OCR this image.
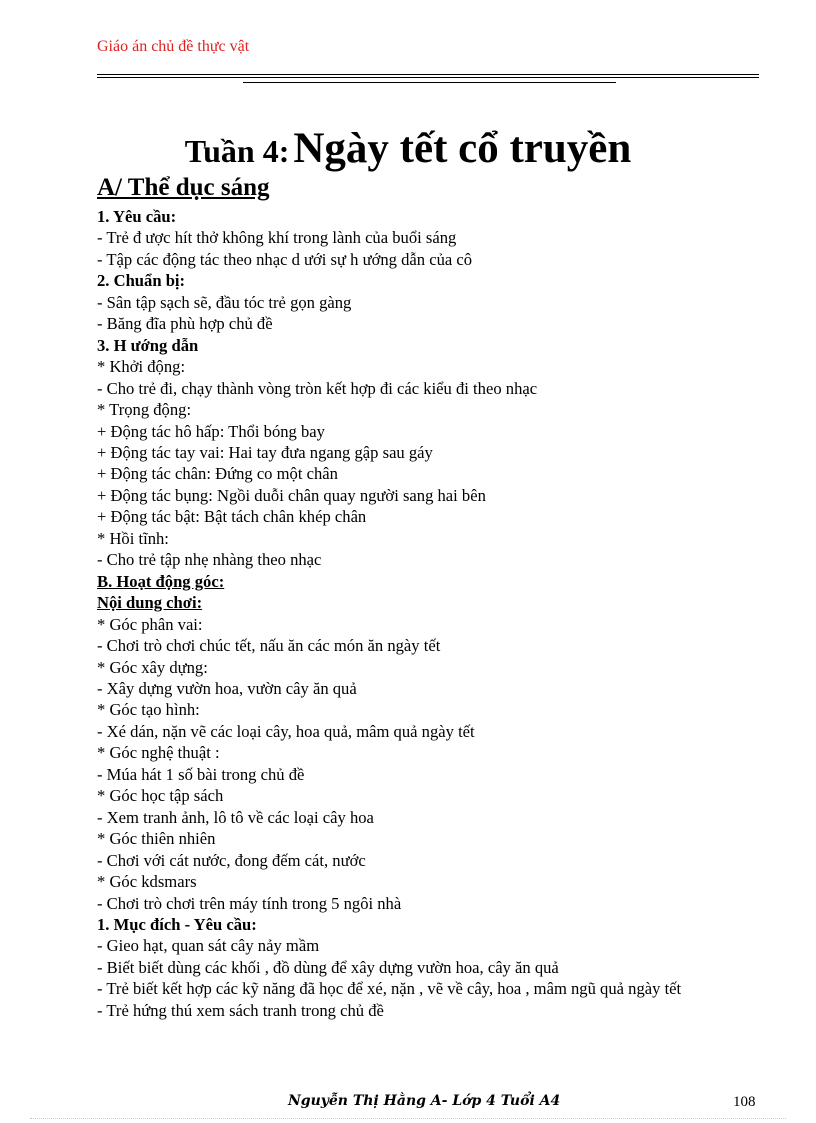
Giáo án chủ đề thực vật
Tuần 4: Ngày tết cổ truyền
A/ Thể dục sáng
1. Yêu cầu:
- Trẻ đ ược hít thở không khí trong lành của buổi sáng
- Tập các động tác theo nhạc d ưới sự h ướng dẫn của cô
2. Chuẩn bị:
- Sân tập sạch sẽ, đầu tóc trẻ gọn gàng
- Băng đĩa phù hợp chủ đề
3. H ướng dẫn
* Khởi động:
- Cho trẻ đi, chạy thành vòng tròn kết hợp đi các kiểu đi theo nhạc
* Trọng động:
+ Động tác hô hấp: Thổi bóng bay
+ Động tác tay vai: Hai tay đưa ngang gập sau gáy
+ Động tác chân: Đứng co một chân
+ Động tác bụng: Ngồi duỗi chân quay người sang hai bên
+ Động tác bật: Bật tách chân khép chân
* Hồi tĩnh:
- Cho trẻ tập nhẹ nhàng theo nhạc
B. Hoạt động góc:
Nội dung chơi:
* Góc phân vai:
- Chơi trò chơi chúc tết, nấu ăn các món ăn ngày tết
* Góc xây dựng:
- Xây dựng vườn hoa, vườn cây ăn quả
* Góc tạo hình:
- Xé dán, nặn vẽ các loại cây, hoa quả, mâm quả ngày tết
* Góc nghệ thuật :
- Múa hát 1 số bài trong chủ đề
* Góc học tập sách
- Xem tranh ảnh, lô tô về các loại cây hoa
* Góc thiên nhiên
- Chơi với cát nước, đong đếm cát, nước
* Góc kdsmars
- Chơi trò chơi trên máy tính trong 5 ngôi nhà
1. Mục đích - Yêu cầu:
- Gieo hạt, quan sát cây nảy mầm
- Biết biết dùng các khối , đồ dùng để xây dựng vườn hoa, cây ăn quả
- Trẻ biết kết hợp các kỹ năng đã học để xé, nặn , vẽ về cây, hoa , mâm ngũ quả ngày tết
- Trẻ hứng thú xem sách tranh trong chủ đề
Nguyễn Thị Hằng A- Lớp 4 Tuổi A4	108
